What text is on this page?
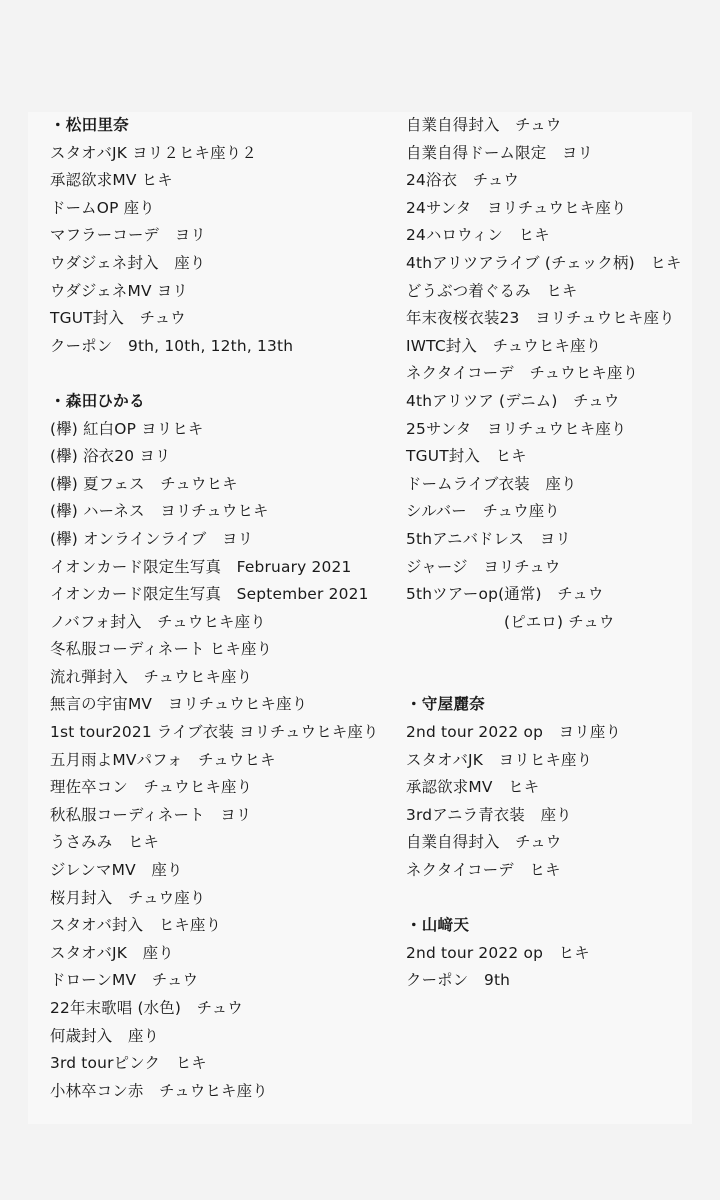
・松田里奈
スタオバJK ヨリ２ヒキ座り２
承認欲求MV ヒキ
ドームOP 座り
マフラーコーデ　ヨリ
ウダジェネ封入　座り
ウダジェネMV ヨリ
TGUT封入　チュウ
クーポン　9th, 10th, 12th, 13th
・森田ひかる
(欅) 紅白OP ヨリヒキ
(欅) 浴衣20 ヨリ
(欅) 夏フェス　チュウヒキ
(欅) ハーネス　ヨリチュウヒキ
(欅) オンラインライブ　ヨリ
イオンカード限定生写真　February 2021
イオンカード限定生写真　September 2021
ノバフォ封入　チュウヒキ座り
冬私服コーディネート ヒキ座り
流れ弾封入　チュウヒキ座り
無言の宇宙MV　ヨリチュウヒキ座り
1st tour2021 ライブ衣装 ヨリチュウヒキ座り
五月雨よMVパフォ　チュウヒキ
理佐卒コン　チュウヒキ座り
秋私服コーディネート　ヨリ
うさみみ　ヒキ
ジレンマMV　座り
桜月封入　チュウ座り
スタオバ封入　ヒキ座り
スタオバJK　座り
ドローンMV　チュウ
22年末歌唱 (水色)　チュウ
何歳封入　座り
3rd tourピンク　ヒキ
小林卒コン赤　チュウヒキ座り
自業自得封入　チュウ
自業自得ドーム限定　ヨリ
24浴衣　チュウ
24サンタ　ヨリチュウヒキ座り
24ハロウィン　ヒキ
4thアリツアライブ (チェック柄)　ヒキ
どうぶつ着ぐるみ　ヒキ
年末夜桜衣装23　ヨリチュウヒキ座り
IWTC封入　チュウヒキ座り
ネクタイコーデ　チュウヒキ座り
4thアリツア (デニム)　チュウ
25サンタ　ヨリチュウヒキ座り
TGUT封入　ヒキ
ドームライブ衣装　座り
シルバー　チュウ座り
5thアニバドレス　ヨリ
ジャージ　ヨリチュウ
5thツアーop(通常)　チュウ
(ピエロ) チュウ
・守屋麗奈
2nd tour 2022 op　ヨリ座り
スタオバJK　ヨリヒキ座り
承認欲求MV　ヒキ
3rdアニラ青衣装　座り
自業自得封入　チュウ
ネクタイコーデ　ヒキ
・山﨑天
2nd tour 2022 op　ヒキ
クーポン　9th
